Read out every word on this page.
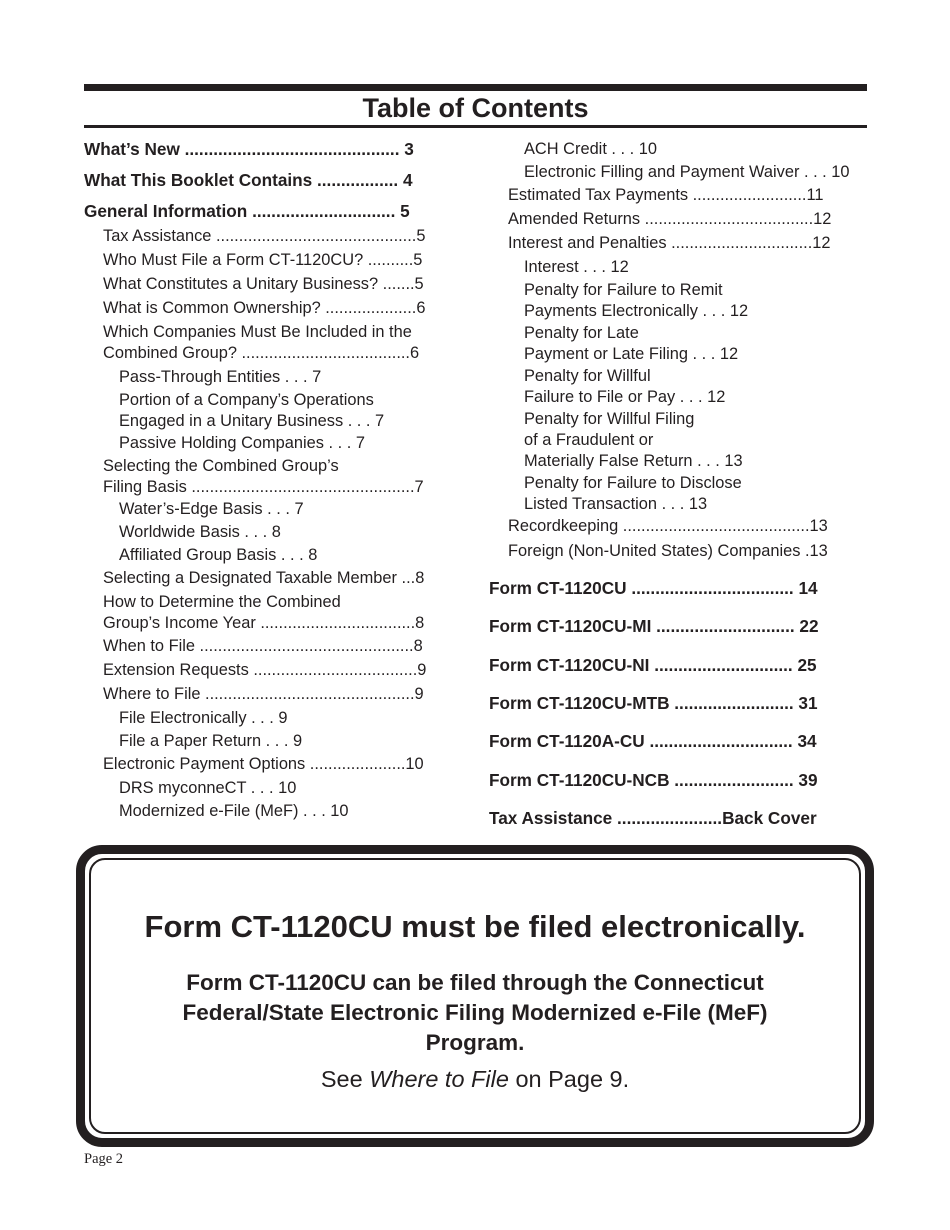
Table of Contents
What’s New ............................................. 3
What This Booklet Contains ................. 4
General Information .............................. 5
Tax Assistance ............................................5
Who Must File a Form CT-1120CU? ..........5
What Constitutes a Unitary Business? .......5
What is Common Ownership? ....................6
Which Companies Must Be Included in the
Combined Group? .....................................6
Pass-Through Entities . . . 7
Portion of a Company’s Operations
Engaged in a Unitary Business . . . 7
Passive Holding Companies . . . 7
Selecting the Combined Group’s
Filing Basis .................................................7
Water’s-Edge Basis . . . 7
Worldwide Basis . . . 8
Affiliated Group Basis . . . 8
Selecting a Designated Taxable Member ...8
How to Determine the Combined
Group’s Income Year ..................................8
When to File ...............................................8
Extension Requests ....................................9
Where to File ..............................................9
File Electronically . . . 9
File a Paper Return . . . 9
Electronic Payment Options .....................10
DRS myconneCT . . . 10
Modernized e-File (MeF) . . . 10
ACH Credit . . . 10
Electronic Filling and Payment Waiver . . . 10
Estimated Tax Payments .........................11
Amended Returns .....................................12
Interest and Penalties ...............................12
Interest . . . 12
Penalty for Failure to Remit
Payments Electronically . . . 12
Penalty for Late
Payment or Late Filing . . . 12
Penalty for Willful
Failure to File or Pay . . . 12
Penalty for Willful Filing
of a Fraudulent or
Materially False Return . . . 13
Penalty for Failure to Disclose
Listed Transaction . . . 13
Recordkeeping .........................................13
Foreign (Non-United States) Companies .13
Form CT-1120CU .................................. 14
Form CT-1120CU-MI ............................. 22
Form CT-1120CU-NI ............................. 25
Form CT-1120CU-MTB ......................... 31
Form CT-1120A-CU .............................. 34
Form CT-1120CU-NCB ......................... 39
Tax Assistance ......................Back Cover
Form CT-1120CU must be filed electronically.
Form CT-1120CU can be filed through the Connecticut Federal/State Electronic Filing Modernized e-File (MeF) Program.
See Where to File on Page 9.
Page 2
